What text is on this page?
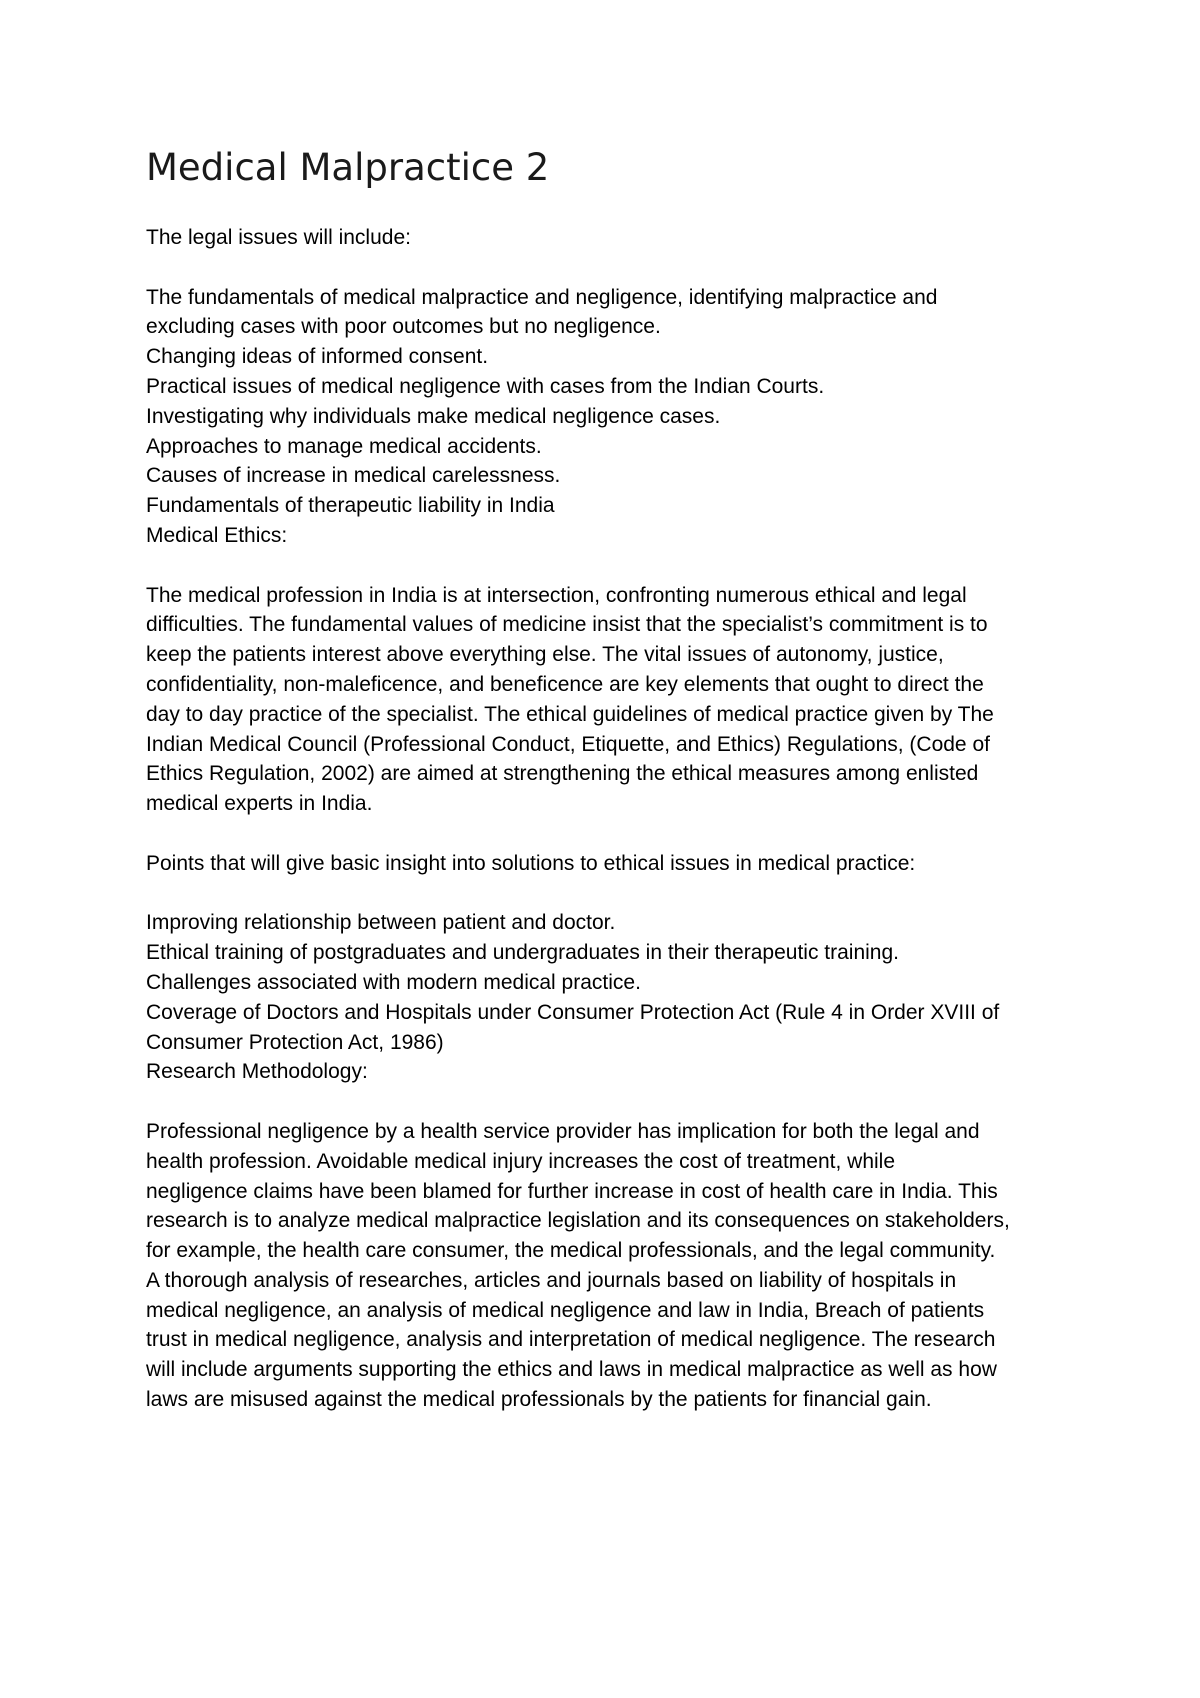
Medical Malpractice 2

The legal issues will include:

The fundamentals of medical malpractice and negligence, identifying malpractice and

excluding cases with poor outcomes but no negligence.

Changing ideas of informed consent.

Practical issues of medical negligence with cases from the Indian Courts.

Investigating why individuals make medical negligence cases.

Approaches to manage medical accidents.

Causes of increase in medical carelessness.

Fundamentals of therapeutic liability in India

Medical Ethics:

The medical profession in India is at intersection, confronting numerous ethical and legal

difficulties. The fundamental values of medicine insist that the specialist’s commitment is to

keep the patients interest above everything else. The vital issues of autonomy, justice,

confidentiality, non-maleficence, and beneficence are key elements that ought to direct the

day to day practice of the specialist. The ethical guidelines of medical practice given by The

Indian Medical Council (Professional Conduct, Etiquette, and Ethics) Regulations, (Code of

Ethics Regulation, 2002) are aimed at strengthening the ethical measures among enlisted

medical experts in India.

Points that will give basic insight into solutions to ethical issues in medical practice:

Improving relationship between patient and doctor.

Ethical training of postgraduates and undergraduates in their therapeutic training.

Challenges associated with modern medical practice.

Coverage of Doctors and Hospitals under Consumer Protection Act (Rule 4 in Order XVIII of

Consumer Protection Act, 1986)

Research Methodology:

Professional negligence by a health service provider has implication for both the legal and

health profession. Avoidable medical injury increases the cost of treatment, while

negligence claims have been blamed for further increase in cost of health care in India. This

research is to analyze medical malpractice legislation and its consequences on stakeholders,

for example, the health care consumer, the medical professionals, and the legal community.

A thorough analysis of researches, articles and journals based on liability of hospitals in

medical negligence, an analysis of medical negligence and law in India, Breach of patients

trust in medical negligence, analysis and interpretation of medical negligence. The research

will include arguments supporting the ethics and laws in medical malpractice as well as how

laws are misused against the medical professionals by the patients for financial gain.
